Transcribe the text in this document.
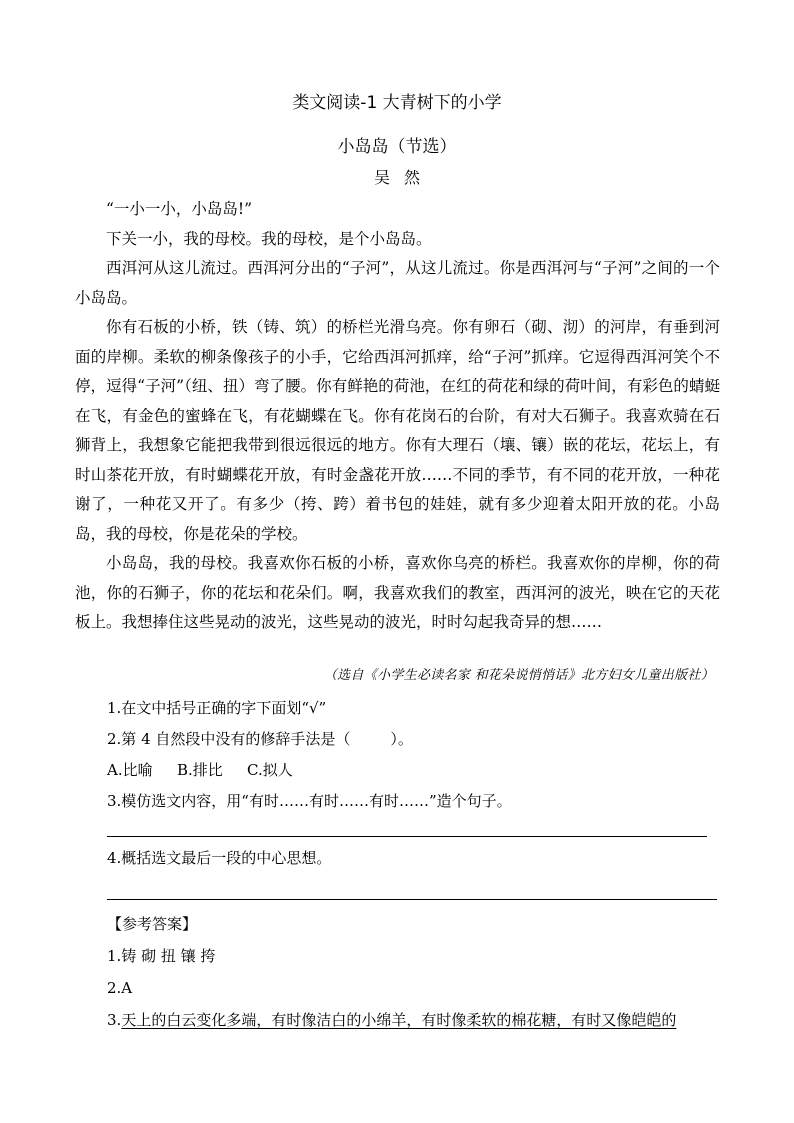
类文阅读-1 大青树下的小学
小岛岛（节选）
吴然

“一小一小，小岛岛!”

下关一小，我的母校。我的母校，是个小岛岛。

西洱河从这儿流过。西洱河分出的“子河”，从这儿流过。你是西洱河与“子河”之间的一个小岛岛。

你有石板的小桥，铁（铸、筑）的桥栏光滑乌亮。你有卵石（砌、沏）的河岸，有垂到河面的岸柳。柔软的柳条像孩子的小手，它给西洱河抓痒，给“子河”抓痒。它逗得西洱河笑个不停，逗得“子河”（纽、扭）弯了腰。你有鲜艳的荷池，在红的荷花和绿的荷叶间，有彩色的蜻蜓在飞，有金色的蜜蜂在飞，有花蝴蝶在飞。你有花岗石的台阶，有对大石狮子。我喜欢骑在石狮背上，我想象它能把我带到很远很远的地方。你有大理石（壤、镶）嵌的花坛，花坛上，有时山茶花开放，有时蝴蝶花开放，有时金盏花开放……不同的季节，有不同的花开放，一种花谢了，一种花又开了。有多少（挎、跨）着书包的娃娃，就有多少迎着太阳开放的花。小岛岛，我的母校，你是花朵的学校。

小岛岛，我的母校。我喜欢你石板的小桥，喜欢你乌亮的桥栏。我喜欢你的岸柳，你的荷池，你的石狮子，你的花坛和花朵们。啊，我喜欢我们的教室，西洱河的波光，映在它的天花板上。我想捧住这些晃动的波光，这些晃动的波光，时时勾起我奇异的想……

（选自《小学生必读名家 和花朵说悄悄话》北方妇女儿童出版社）
1.在文中括号正确的字下面划“√”
2.第 4 自然段中没有的修辞手法是（	）。
A.比喻 B.排比 C.拟人
3.模仿选文内容，用“有时……有时……有时……”造个句子。
4.概括选文最后一段的中心思想。
【参考答案】
1.铸 砌 扭 镶 挎
2.A
3.天上的白云变化多端，有时像洁白的小绵羊，有时像柔软的棉花糖，有时又像皑皑的
